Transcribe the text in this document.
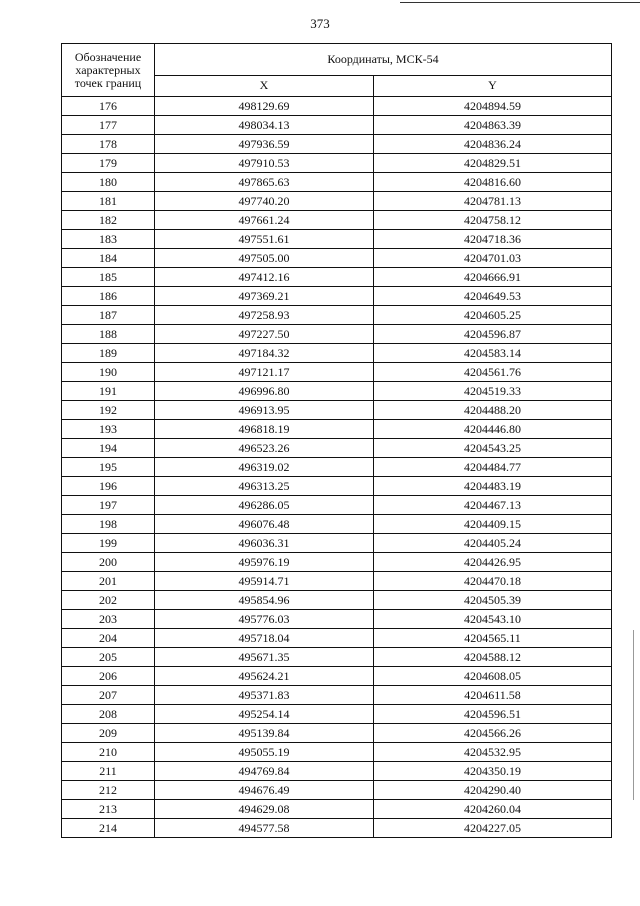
373
Обозначение характерных точек границ	Координаты, МСК-54	
	X	Y
176	498129.69	4204894.59
177	498034.13	4204863.39
178	497936.59	4204836.24
179	497910.53	4204829.51
180	497865.63	4204816.60
181	497740.20	4204781.13
182	497661.24	4204758.12
183	497551.61	4204718.36
184	497505.00	4204701.03
185	497412.16	4204666.91
186	497369.21	4204649.53
187	497258.93	4204605.25
188	497227.50	4204596.87
189	497184.32	4204583.14
190	497121.17	4204561.76
191	496996.80	4204519.33
192	496913.95	4204488.20
193	496818.19	4204446.80
194	496523.26	4204543.25
195	496319.02	4204484.77
196	496313.25	4204483.19
197	496286.05	4204467.13
198	496076.48	4204409.15
199	496036.31	4204405.24
200	495976.19	4204426.95
201	495914.71	4204470.18
202	495854.96	4204505.39
203	495776.03	4204543.10
204	495718.04	4204565.11
205	495671.35	4204588.12
206	495624.21	4204608.05
207	495371.83	4204611.58
208	495254.14	4204596.51
209	495139.84	4204566.26
210	495055.19	4204532.95
211	494769.84	4204350.19
212	494676.49	4204290.40
213	494629.08	4204260.04
214	494577.58	4204227.05
